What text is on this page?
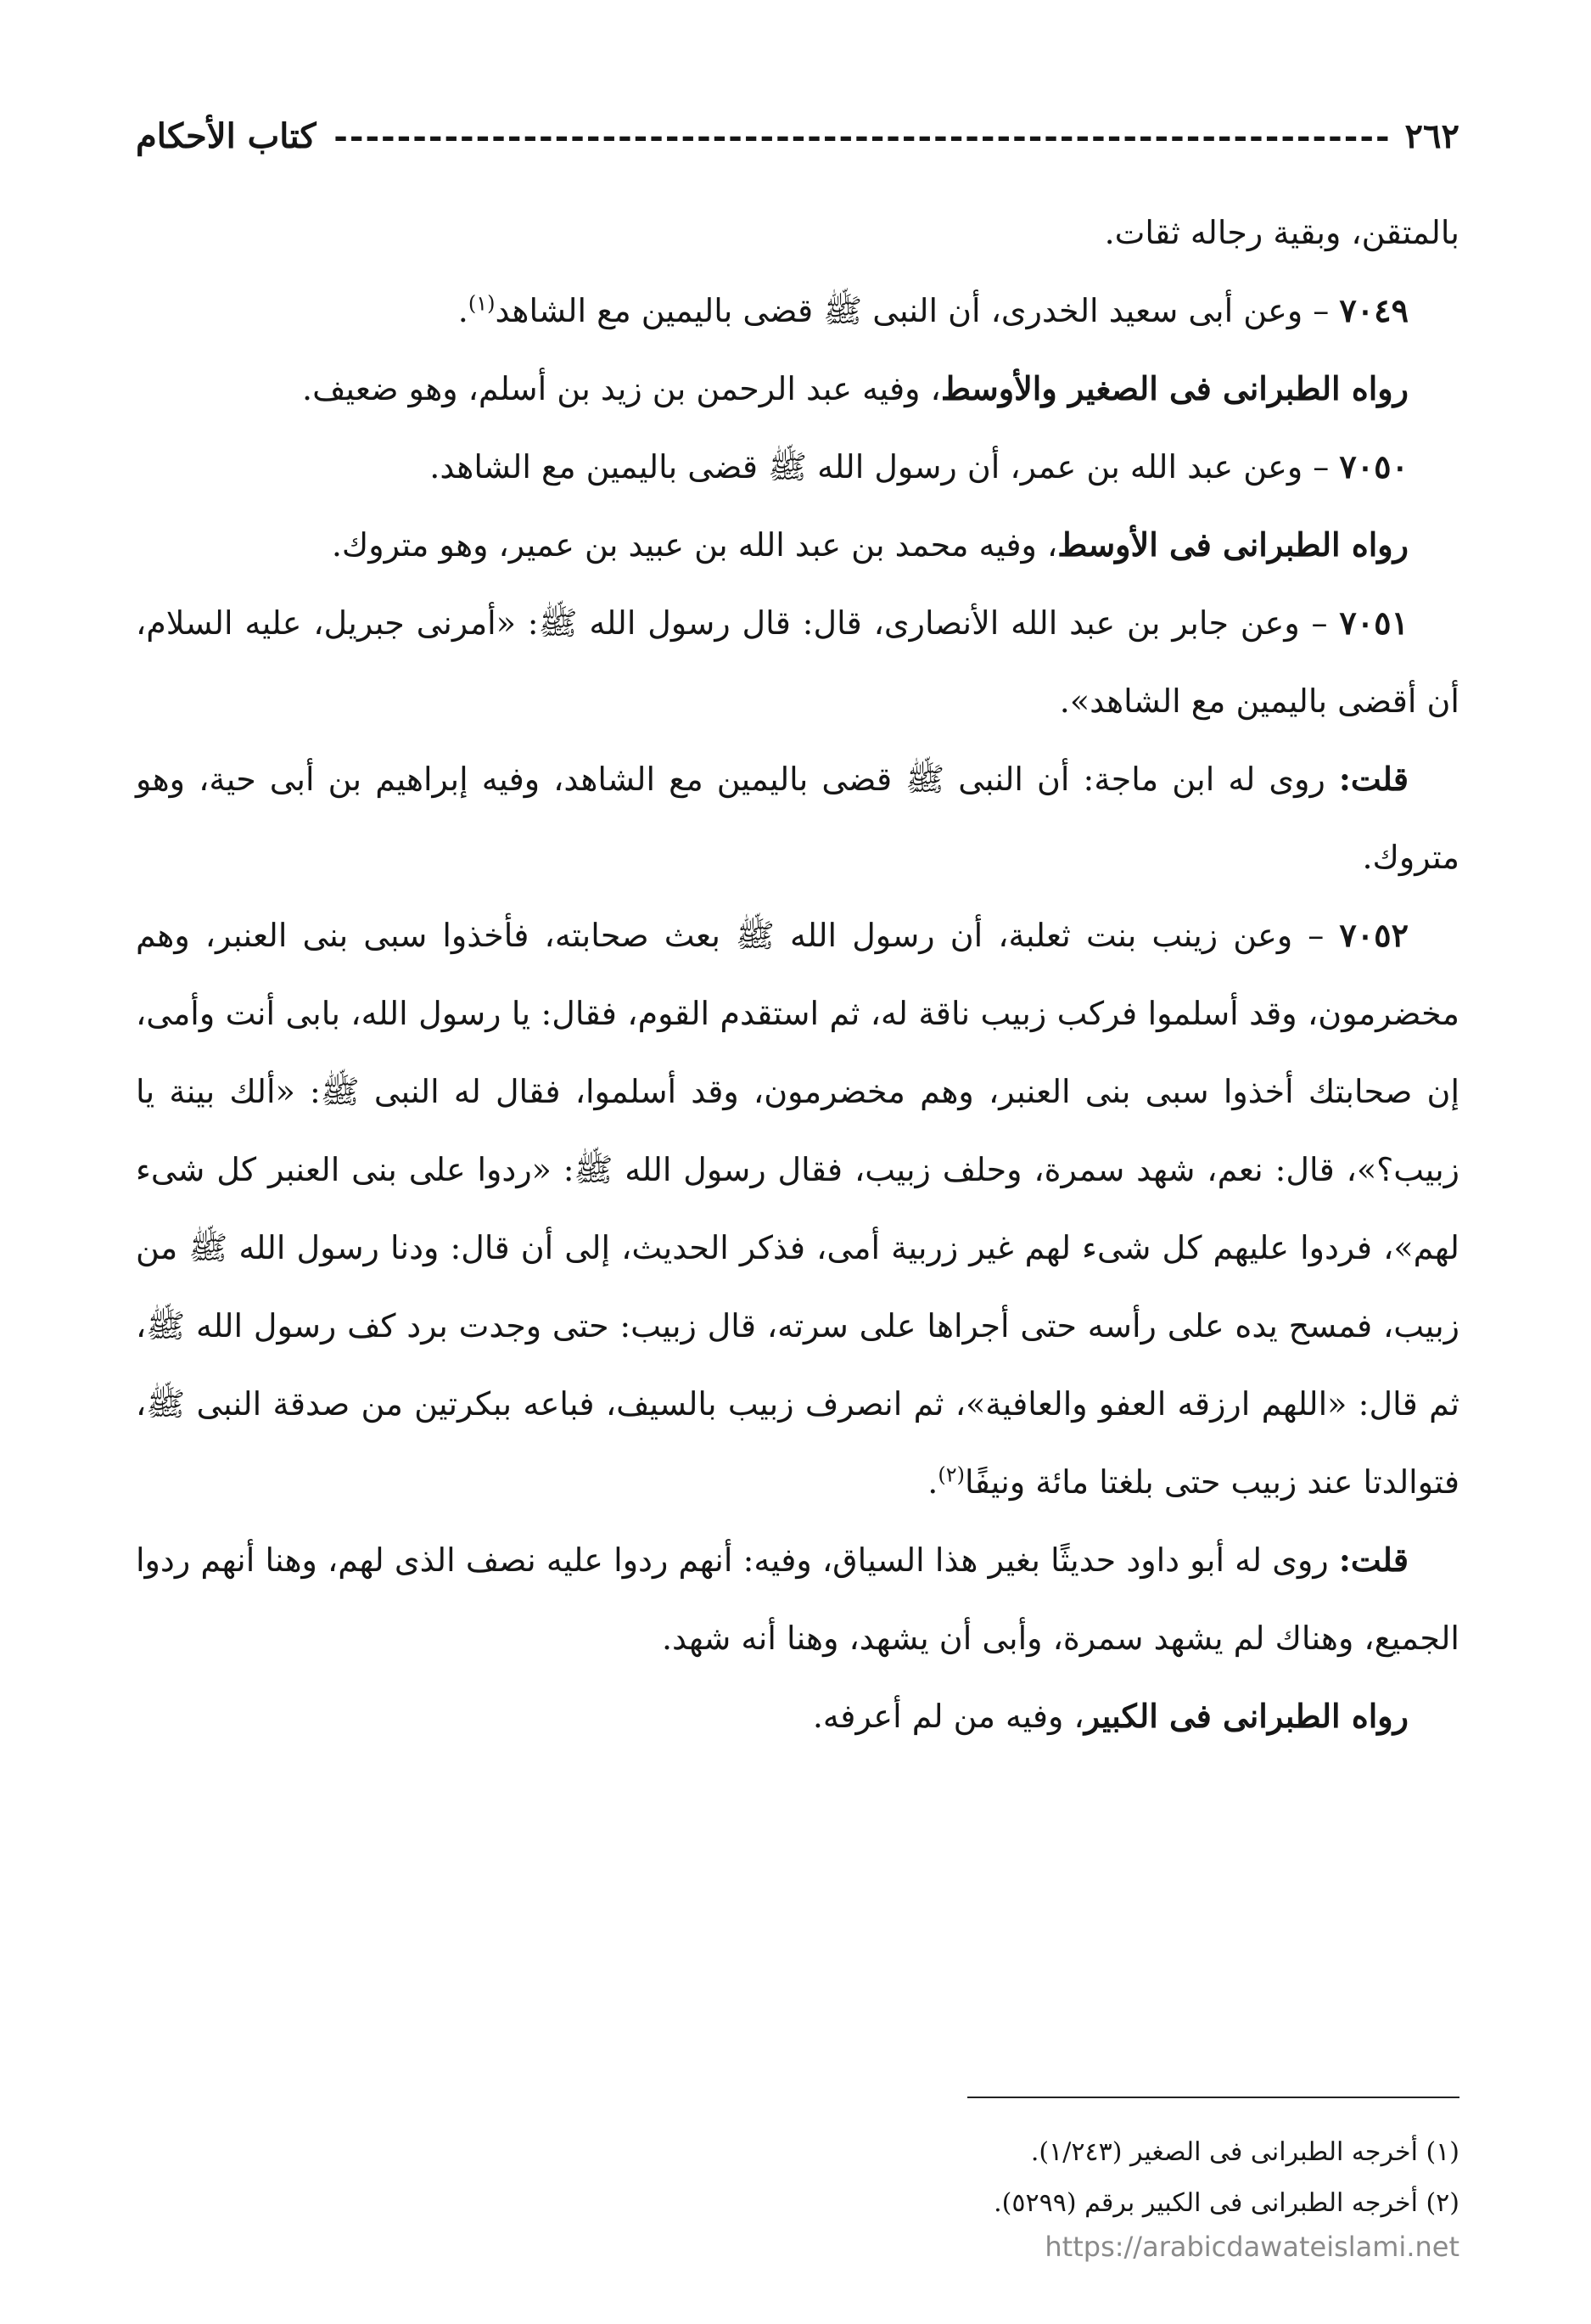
٢٦٢
-------------------------------------------------------------------
كتاب الأحكام

بالمتقن، وبقية رجاله ثقات.

٧٠٤٩ – وعن أبى سعيد الخدرى، أن النبى ﷺ قضى باليمين مع الشاهد$^{(١)}$.

رواه الطبرانى فى الصغير والأوسط، وفيه عبد الرحمن بن زيد بن أسلم، وهو ضعيف.

٧٠٥٠ – وعن عبد الله بن عمر، أن رسول الله ﷺ قضى باليمين مع الشاهد.

رواه الطبرانى فى الأوسط، وفيه محمد بن عبد الله بن عبيد بن عمير، وهو متروك.

٧٠٥١ – وعن جابر بن عبد الله الأنصارى، قال: قال رسول الله ﷺ: «أمرنى جبريل، عليه السلام، أن أقضى باليمين مع الشاهد».

قلت: روى له ابن ماجة: أن النبى ﷺ قضى باليمين مع الشاهد، وفيه إبراهيم بن أبى حية، وهو متروك.

٧٠٥٢ – وعن زينب بنت ثعلبة، أن رسول الله ﷺ بعث صحابته، فأخذوا سبى بنى العنبر، وهم مخضرمون، وقد أسلموا فركب زبيب ناقة له، ثم استقدم القوم، فقال: يا رسول الله، بابى أنت وأمى، إن صحابتك أخذوا سبى بنى العنبر، وهم مخضرمون، وقد أسلموا، فقال له النبى ﷺ: «ألك بينة يا زبيب؟»، قال: نعم، شهد سمرة، وحلف زبيب، فقال رسول الله ﷺ: «ردوا على بنى العنبر كل شىء لهم»، فردوا عليهم كل شىء لهم غير زربية أمى، فذكر الحديث، إلى أن قال: ودنا رسول الله ﷺ من زبيب، فمسح يده على رأسه حتى أجراها على سرته، قال زبيب: حتى وجدت برد كف رسول الله ﷺ، ثم قال: «اللهم ارزقه العفو والعافية»، ثم انصرف زبيب بالسيف، فباعه ببكرتين من صدقة النبى ﷺ، فتوالدتا عند زبيب حتى بلغتا مائة ونيفًا$^{(٢)}$.

قلت: روى له أبو داود حديثًا بغير هذا السياق، وفيه: أنهم ردوا عليه نصف الذى لهم، وهنا أنهم ردوا الجميع، وهناك لم يشهد سمرة، وأبى أن يشهد، وهنا أنه شهد.

رواه الطبرانى فى الكبير، وفيه من لم أعرفه.

(١) أخرجه الطبرانى فى الصغير (١/٢٤٣).

(٢) أخرجه الطبرانى فى الكبير برقم (٥٢٩٩).

https://arabicdawateislami.net
